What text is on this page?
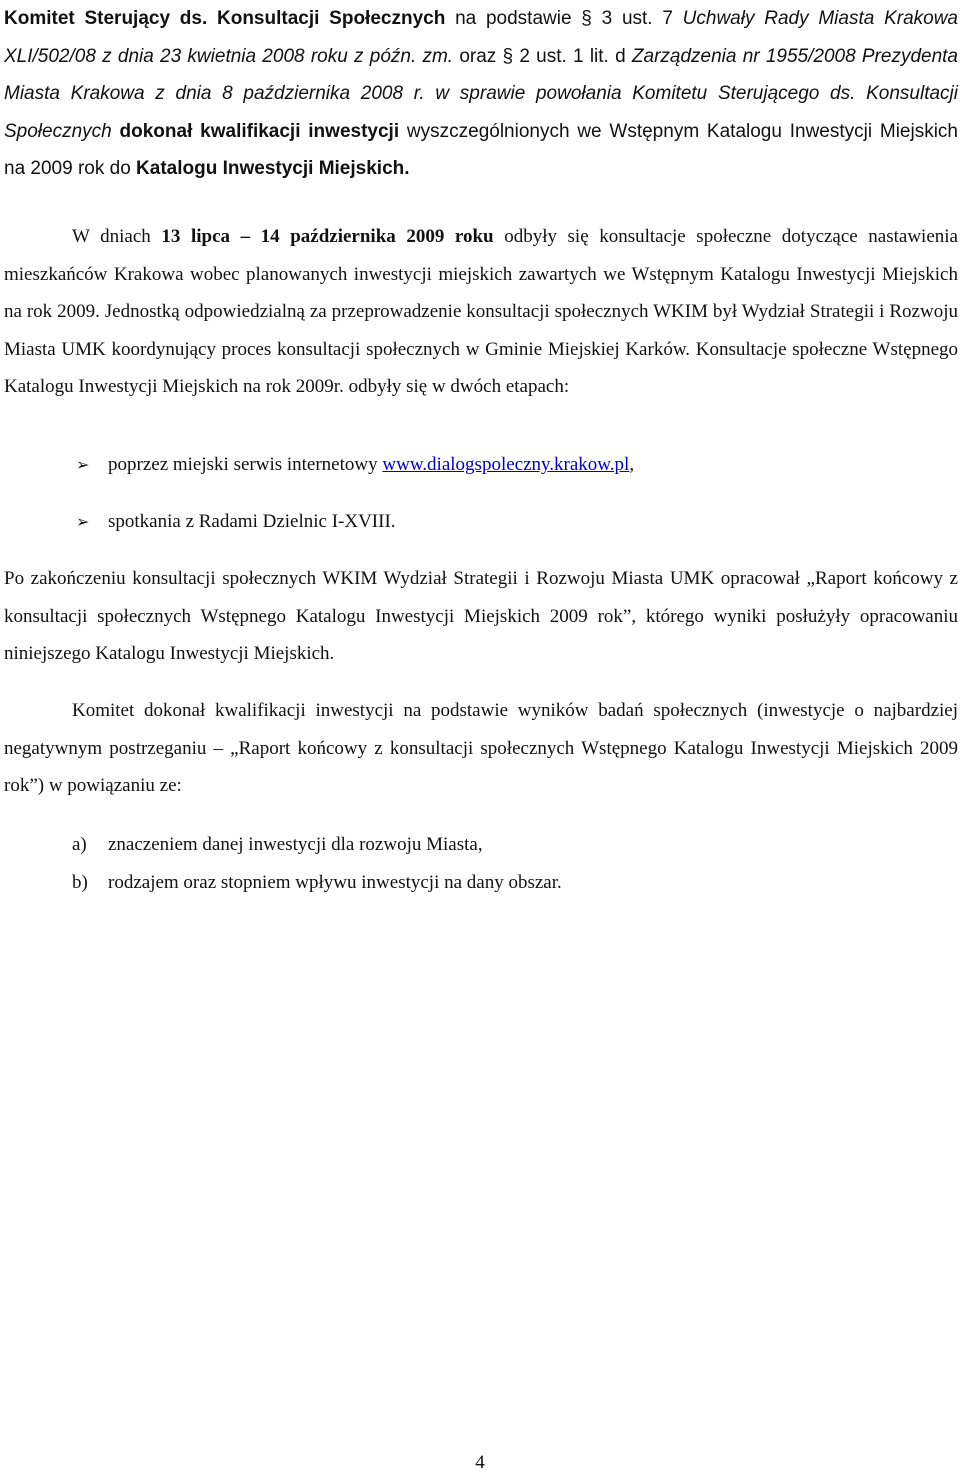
Komitet Sterujący ds. Konsultacji Społecznych na podstawie § 3 ust. 7 Uchwały Rady Miasta Krakowa XLI/502/08 z dnia 23 kwietnia 2008 roku z późn. zm. oraz § 2 ust. 1 lit. d Zarządzenia nr 1955/2008 Prezydenta Miasta Krakowa z dnia 8 października 2008 r. w sprawie powołania Komitetu Sterującego ds. Konsultacji Społecznych dokonał kwalifikacji inwestycji wyszczególnionych we Wstępnym Katalogu Inwestycji Miejskich na 2009 rok do Katalogu Inwestycji Miejskich.

W dniach 13 lipca – 14 października 2009 roku odbyły się konsultacje społeczne dotyczące nastawienia mieszkańców Krakowa wobec planowanych inwestycji miejskich zawartych we Wstępnym Katalogu Inwestycji Miejskich na rok 2009. Jednostką odpowiedzialną za przeprowadzenie konsultacji społecznych WKIM był Wydział Strategii i Rozwoju Miasta UMK koordynujący proces konsultacji społecznych w Gminie Miejskiej Karków. Konsultacje społeczne Wstępnego Katalogu Inwestycji Miejskich na rok 2009r. odbyły się w dwóch etapach:

➢ poprzez miejski serwis internetowy www.dialogspoleczny.krakow.pl,
➢ spotkania z Radami Dzielnic I-XVIII.

Po zakończeniu konsultacji społecznych WKIM Wydział Strategii i Rozwoju Miasta UMK opracował „Raport końcowy z konsultacji społecznych Wstępnego Katalogu Inwestycji Miejskich 2009 rok”, którego wyniki posłużyły opracowaniu niniejszego Katalogu Inwestycji Miejskich.

Komitet dokonał kwalifikacji inwestycji na podstawie wyników badań społecznych (inwestycje o najbardziej negatywnym postrzeganiu – „Raport końcowy z konsultacji społecznych Wstępnego Katalogu Inwestycji Miejskich 2009 rok”) w powiązaniu ze:

a) znaczeniem danej inwestycji dla rozwoju Miasta,
b) rodzajem oraz stopniem wpływu inwestycji na dany obszar.
4
